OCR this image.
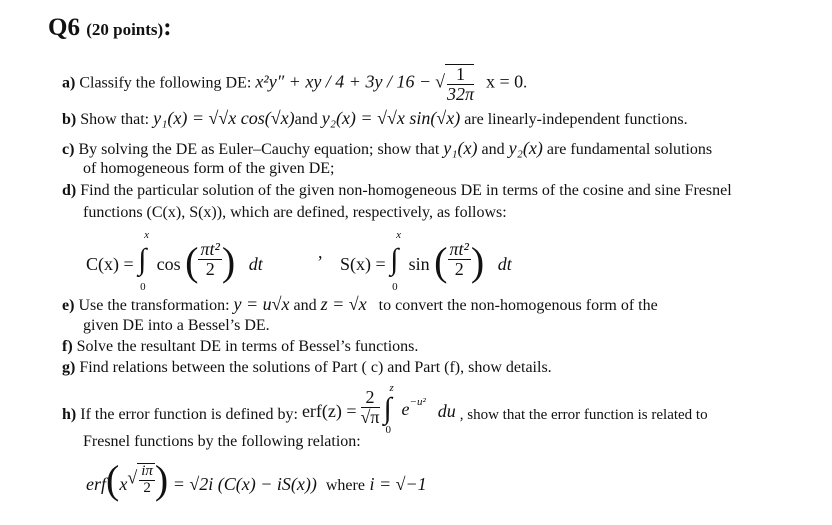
Q6 (20 points):
a) Classify the following DE: x²y″ + xy / 4 + 3y / 16 − √ $\frac{1}{32\pi}$ x = 0.
b) Show that: y₁(x) = √√x cos(√x)and y₂(x) = √√x sin(√x) are linearly-independent functions.
c) By solving the DE as Euler–Cauchy equation; show that y₁(x) and y₂(x) are fundamental solutions
of homogeneous form of the given DE;
d) Find the particular solution of the given non-homogeneous DE in terms of the cosine and sine Fresnel
functions (C(x), S(x)), which are defined, respectively, as follows:
C(x) =
x
∫
0
cos ( $\frac{\text{πt²}}{2}$ ) dt
,
S(x) =
x
∫
0
sin ( $\frac{\text{πt²}}{2}$ ) dt
e) Use the transformation: y = u√x and z = √x to convert the non-homogenous form of the
given DE into a Bessel’s DE.
f) Solve the resultant DE in terms of Bessel’s functions.
g) Find relations between the solutions of Part ( c) and Part (f), show details.
h) If the error function is defined by: $erf(z) = \frac{2}{√\pi}$
z
∫
0
$e^{-u^2}$ du , show that the error function is related to
Fresnel functions by the following relation:
$erf(x√ \frac{i\pi}{2}$ ) = √2i (C(x) − iS(x)) where i = √−1
